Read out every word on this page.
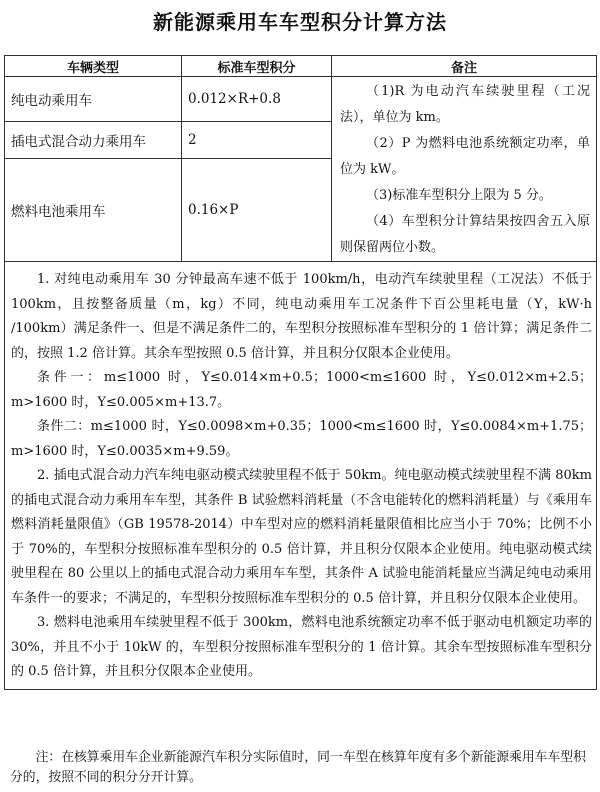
新能源乘用车车型积分计算方法
车辆类型	标准车型积分	备注
纯电动乘用车	0.012×R+0.8	（1)R 为电动汽车续驶里程（工况法），单位为 km。

（2）P 为燃料电池系统额定功率，单位为 kW。

（3)标准车型积分上限为 5 分。

（4）车型积分计算结果按四舍五入原则保留两位小数。

插电式混合动力乘用车	2	
燃料电池乘用车	0.16×P	

1. 对纯电动乘用车 30 分钟最高车速不低于 100km/h，电动汽车续驶里程（工况法）不低于 100km，且按整备质量（m，kg）不同，纯电动乘用车工况条件下百公里耗电量（Y，kW·h /100km）满足条件一、但是不满足条件二的，车型积分按照标准车型积分的 1 倍计算；满足条件二的，按照 1.2 倍计算。其余车型按照 0.5 倍计算，并且积分仅限本企业使用。

条件一：m≤1000 时，Y≤0.014×m+0.5；1000<m≤1600 时，Y≤0.012×m+2.5；m>1600 时，Y≤0.005×m+13.7。

条件二：m≤1000 时，Y≤0.0098×m+0.35；1000<m≤1600 时，Y≤0.0084×m+1.75；m>1600 时，Y≤0.0035×m+9.59。

2. 插电式混合动力汽车纯电驱动模式续驶里程不低于 50km。纯电驱动模式续驶里程不满 80km 的插电式混合动力乘用车车型，其条件 B 试验燃料消耗量（不含电能转化的燃料消耗量）与《乘用车燃料消耗量限值》（GB 19578-2014）中车型对应的燃料消耗量限值相比应当小于 70%；比例不小于 70%的，车型积分按照标准车型积分的 0.5 倍计算，并且积分仅限本企业使用。纯电驱动模式续驶里程在 80 公里以上的插电式混合动力乘用车车型，其条件 A 试验电能消耗量应当满足纯电动乘用车条件一的要求；不满足的，车型积分按照标准车型积分的 0.5 倍计算，并且积分仅限本企业使用。

3. 燃料电池乘用车续驶里程不低于 300km，燃料电池系统额定功率不低于驱动电机额定功率的 30%，并且不小于 10kW 的，车型积分按照标准车型积分的 1 倍计算。其余车型按照标准车型积分的 0.5 倍计算，并且积分仅限本企业使用。		

注：在核算乘用车企业新能源汽车积分实际值时，同一车型在核算年度有多个新能源乘用车车型积分的，按照不同的积分分开计算。
